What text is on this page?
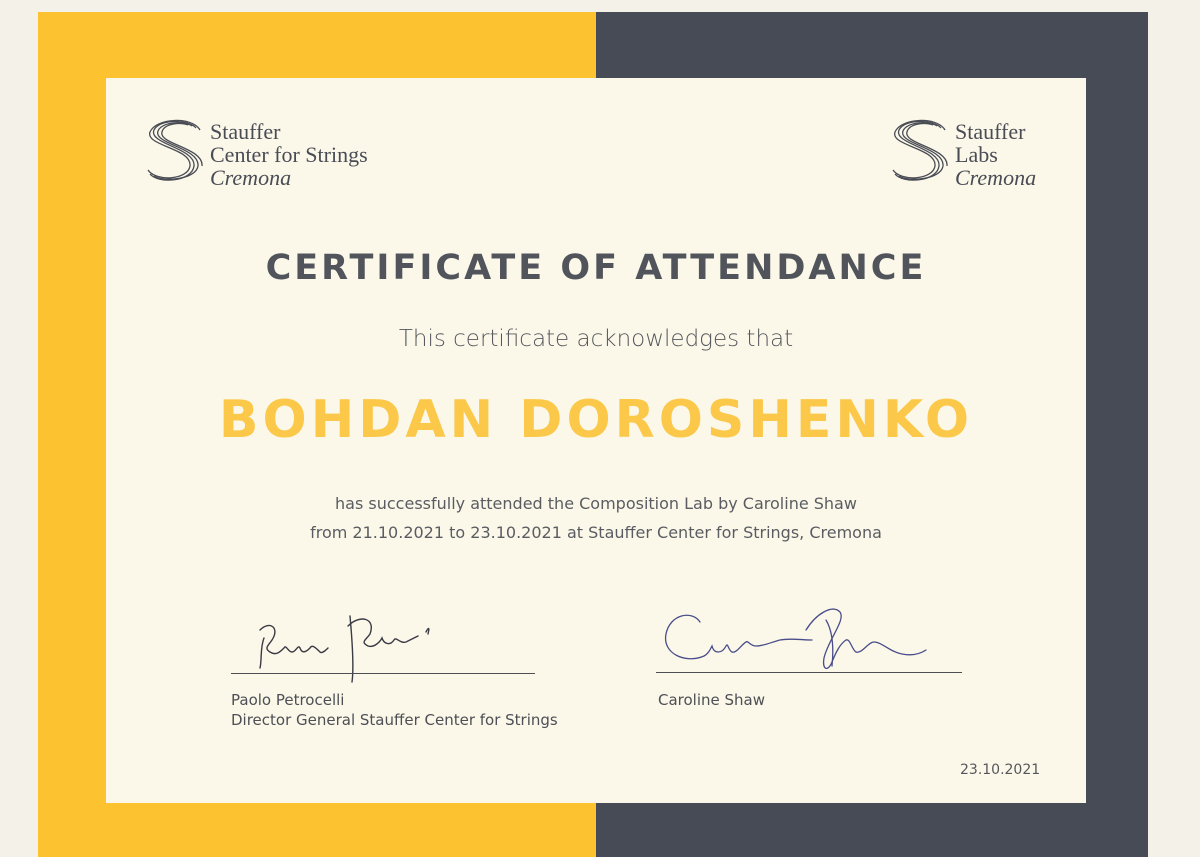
Stauffer
Center for Strings
Cremona
Stauffer
Labs
Cremona
CERTIFICATE OF ATTENDANCE
This certificate acknowledges that
BOHDAN DOROSHENKO
has successfully attended the Composition Lab by Caroline Shaw
from 21.10.2021 to 23.10.2021 at Stauffer Center for Strings, Cremona
Paolo Petrocelli
Director General Stauffer Center for Strings
Caroline Shaw
23.10.2021
